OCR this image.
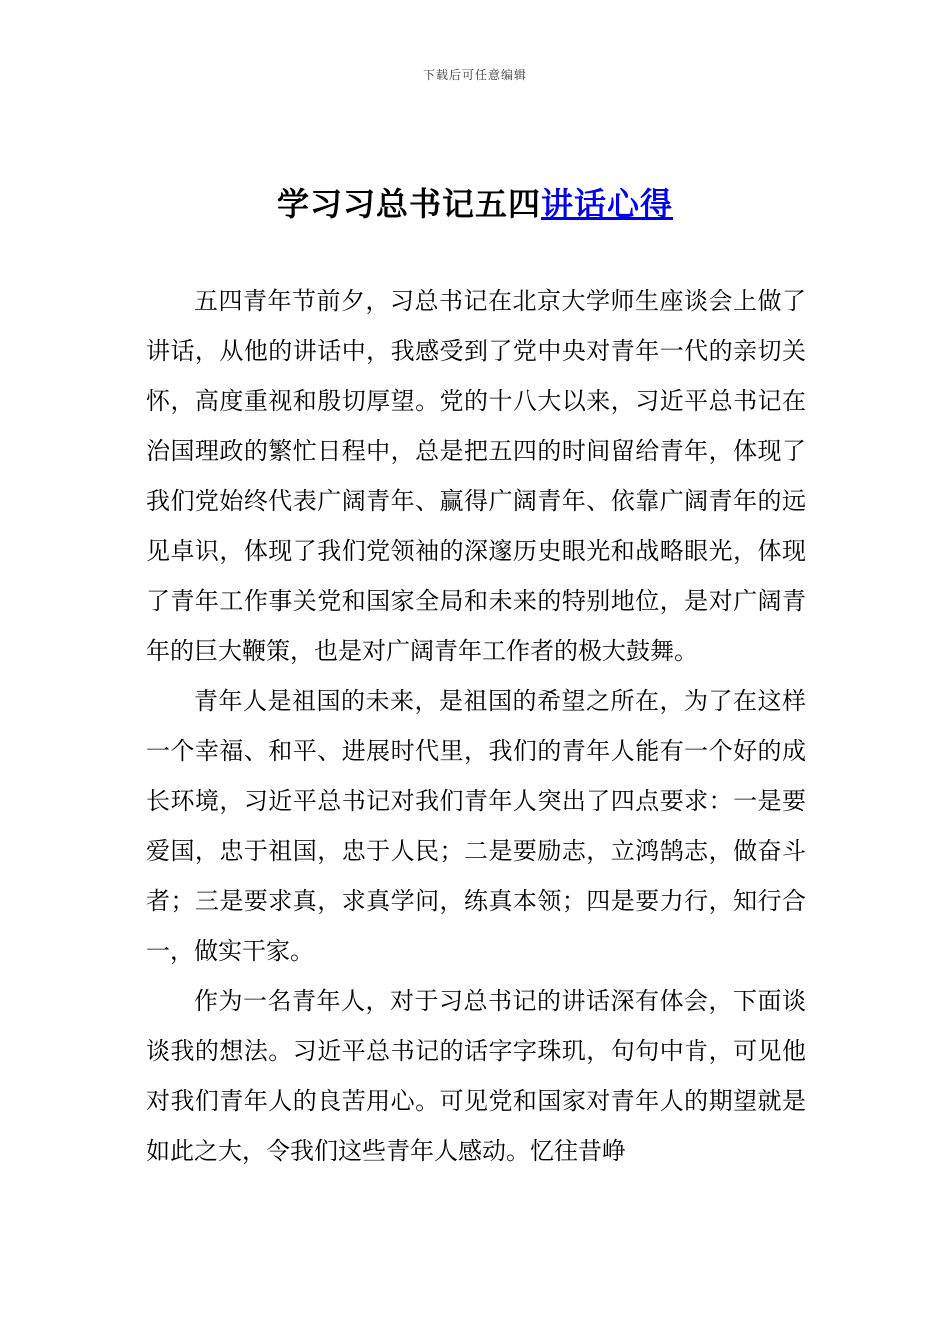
下载后可任意编辑
学习习总书记五四讲话心得

五四青年节前夕，习总书记在北京大学师生座谈会上做了讲话，从他的讲话中，我感受到了党中央对青年一代的亲切关怀，高度重视和殷切厚望。党的十八大以来，习近平总书记在治国理政的繁忙日程中，总是把五四的时间留给青年，体现了我们党始终代表广阔青年、赢得广阔青年、依靠广阔青年的远见卓识，体现了我们党领袖的深邃历史眼光和战略眼光，体现了青年工作事关党和国家全局和未来的特别地位，是对广阔青年的巨大鞭策，也是对广阔青年工作者的极大鼓舞。

青年人是祖国的未来，是祖国的希望之所在，为了在这样一个幸福、和平、进展时代里，我们的青年人能有一个好的成长环境，习近平总书记对我们青年人突出了四点要求：一是要爱国，忠于祖国，忠于人民；二是要励志，立鸿鹄志，做奋斗者；三是要求真，求真学问，练真本领；四是要力行，知行合一，做实干家。

作为一名青年人，对于习总书记的讲话深有体会，下面谈谈我的想法。习近平总书记的话字字珠玑，句句中肯，可见他对我们青年人的良苦用心。可见党和国家对青年人的期望就是如此之大，令我们这些青年人感动。忆往昔峥
